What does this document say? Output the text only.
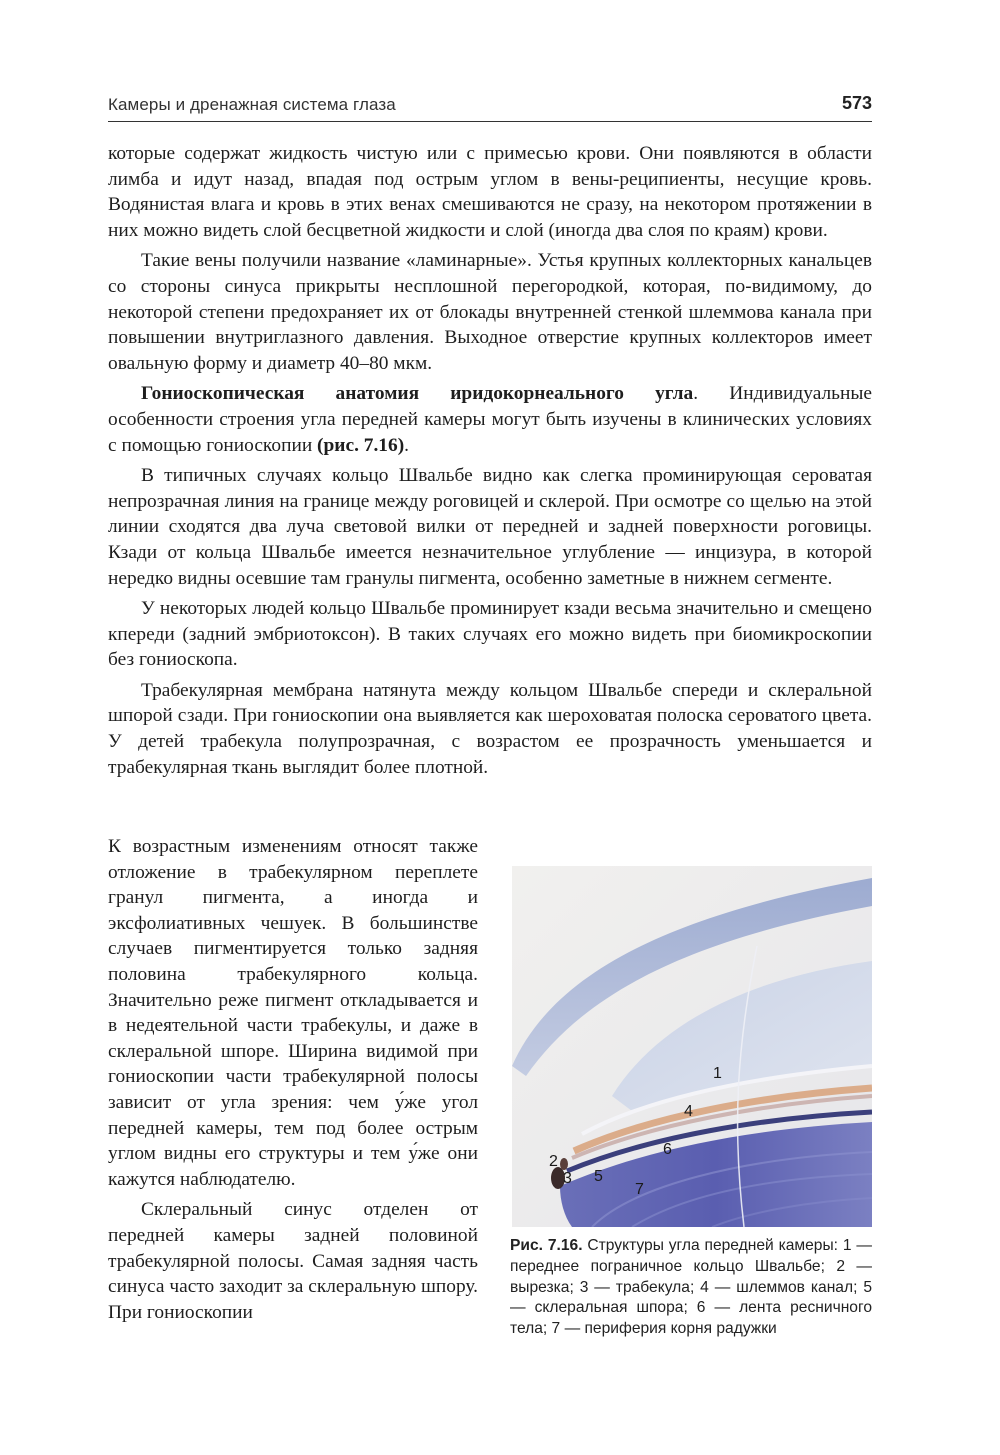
Камеры и дренажная система глаза	573

которые содержат жидкость чистую или с примесью крови. Они появляются в области лимба и идут назад, впадая под острым углом в вены-реципиенты, несущие кровь. Водянистая влага и кровь в этих венах смешиваются не сразу, на некотором протяжении в них можно видеть слой бесцветной жидкости и слой (иногда два слоя по краям) крови.

Такие вены получили название «ламинарные». Устья крупных коллекторных канальцев со стороны синуса прикрыты несплошной перегородкой, которая, по-видимому, до некоторой степени предохраняет их от блокады внутренней стенкой шлеммова канала при повышении внутриглазного давления. Выходное отверстие крупных коллекторов имеет овальную форму и диаметр 40–80 мкм.

Гониоскопическая анатомия иридокорнеального угла. Индивидуальные особенности строения угла передней камеры могут быть изучены в клинических условиях с помощью гониоскопии (рис. 7.16).

В типичных случаях кольцо Швальбе видно как слегка проминирующая сероватая непрозрачная линия на границе между роговицей и склерой. При осмотре со щелью на этой линии сходятся два луча световой вилки от передней и задней поверхности роговицы. Кзади от кольца Швальбе имеется незначительное углубление — инцизура, в которой нередко видны осевшие там гранулы пигмента, особенно заметные в нижнем сегменте.

У некоторых людей кольцо Швальбе проминирует кзади весьма значительно и смещено кпереди (задний эмбриотоксон). В таких случаях его можно видеть при биомикроскопии без гониоскопа.

Трабекулярная мембрана натянута между кольцом Швальбе спереди и склеральной шпорой сзади. При гониоскопии она выявляется как шероховатая полоска сероватого цвета. У детей трабекула полупрозрачная, с возрастом ее прозрачность уменьшается и трабекулярная ткань выглядит более плотной.

К возрастным изменениям относят также отложение в трабекулярном переплете гранул пигмента, а иногда и эксфолиативных чешуек. В большинстве случаев пигментируется только задняя половина трабекулярного кольца. Значительно реже пигмент откладывается и в недеятельной части трабекулы, и даже в склеральной шпоре. Ширина видимой при гониоскопии части трабекулярной полосы зависит от угла зрения: чем у́же угол передней камеры, тем под более острым углом видны его структуры и тем у́же они кажутся наблюдателю.

Склеральный синус отделен от передней камеры задней половиной трабекулярной полосы. Самая задняя часть синуса часто заходит за склеральную шпору. При гониоскопии

1
2
3
4
5
6
7
Рис. 7.16. Структуры угла передней камеры: 1 — переднее пограничное кольцо Швальбе; 2 — вырезка; 3 — трабекула; 4 — шлеммов канал; 5 — склеральная шпора; 6 — лента ресничного тела; 7 — периферия корня радужки
